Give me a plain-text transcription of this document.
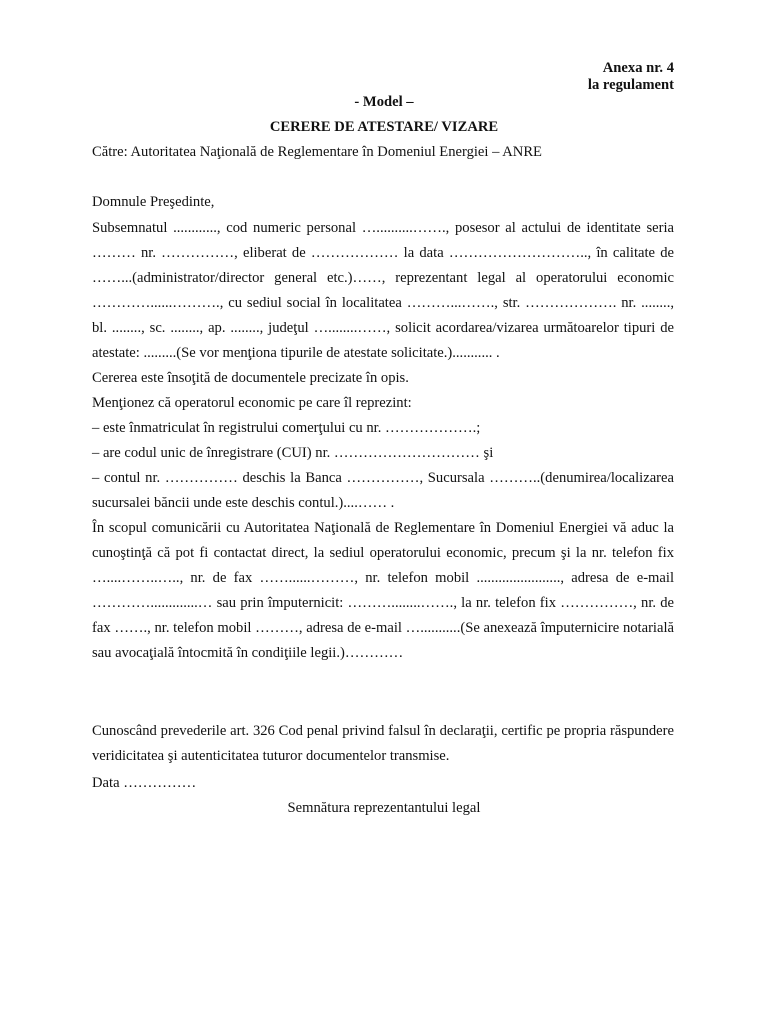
Anexa nr. 4
la regulament
- Model –
CERERE DE ATESTARE/ VIZARE
Către: Autoritatea Naţională de Reglementare în Domeniul Energiei – ANRE
Domnule Preşedinte,

Subsemnatul ............, cod numeric personal …..........……., posesor al actului de identitate seria ……… nr. ……………, eliberat de ……………… la data ……………………….., în calitate de ……...(administrator/director general etc.)……, reprezentant legal al operatorului economic …………......………., cu sediul social în localitatea ………...……., str. ………………. nr. ........, bl. ........, sc. ........, ap. ........, judeţul …........……, solicit acordarea/vizarea următoarelor tipuri de atestate: .........(Se vor menţiona tipurile de atestate solicitate.)........... .

Cererea este însoţită de documentele precizate în opis.

Menţionez că operatorul economic pe care îl reprezint:

– este înmatriculat în registrului comerţului cu nr. ……………….;

– are codul unic de înregistrare (CUI) nr. ………………………… şi

– contul nr. …………… deschis la Banca ……………, Sucursala ………..(denumirea/localizarea sucursalei băncii unde este deschis contul.)....…… .

În scopul comunicării cu Autoritatea Naţională de Reglementare în Domeniul Energiei vă aduc la cunoştinţă că pot fi contactat direct, la sediul operatorului economic, precum şi la nr. telefon fix …....……..….., nr. de fax ……......………, nr. telefon mobil ......................., adresa de e-mail ………….............… sau prin împuternicit: ………........……., la nr. telefon fix ……………, nr. de fax ……., nr. telefon mobil ………, adresa de e-mail …...........(Se anexează împuternicire notarială sau avocaţială întocmită în condiţiile legii.)…………

Cunoscând prevederile art. 326 Cod penal privind falsul în declaraţii, certific pe propria răspundere veridicitatea şi autenticitatea tuturor documentelor transmise.

Data ……………
Semnătura reprezentantului legal
